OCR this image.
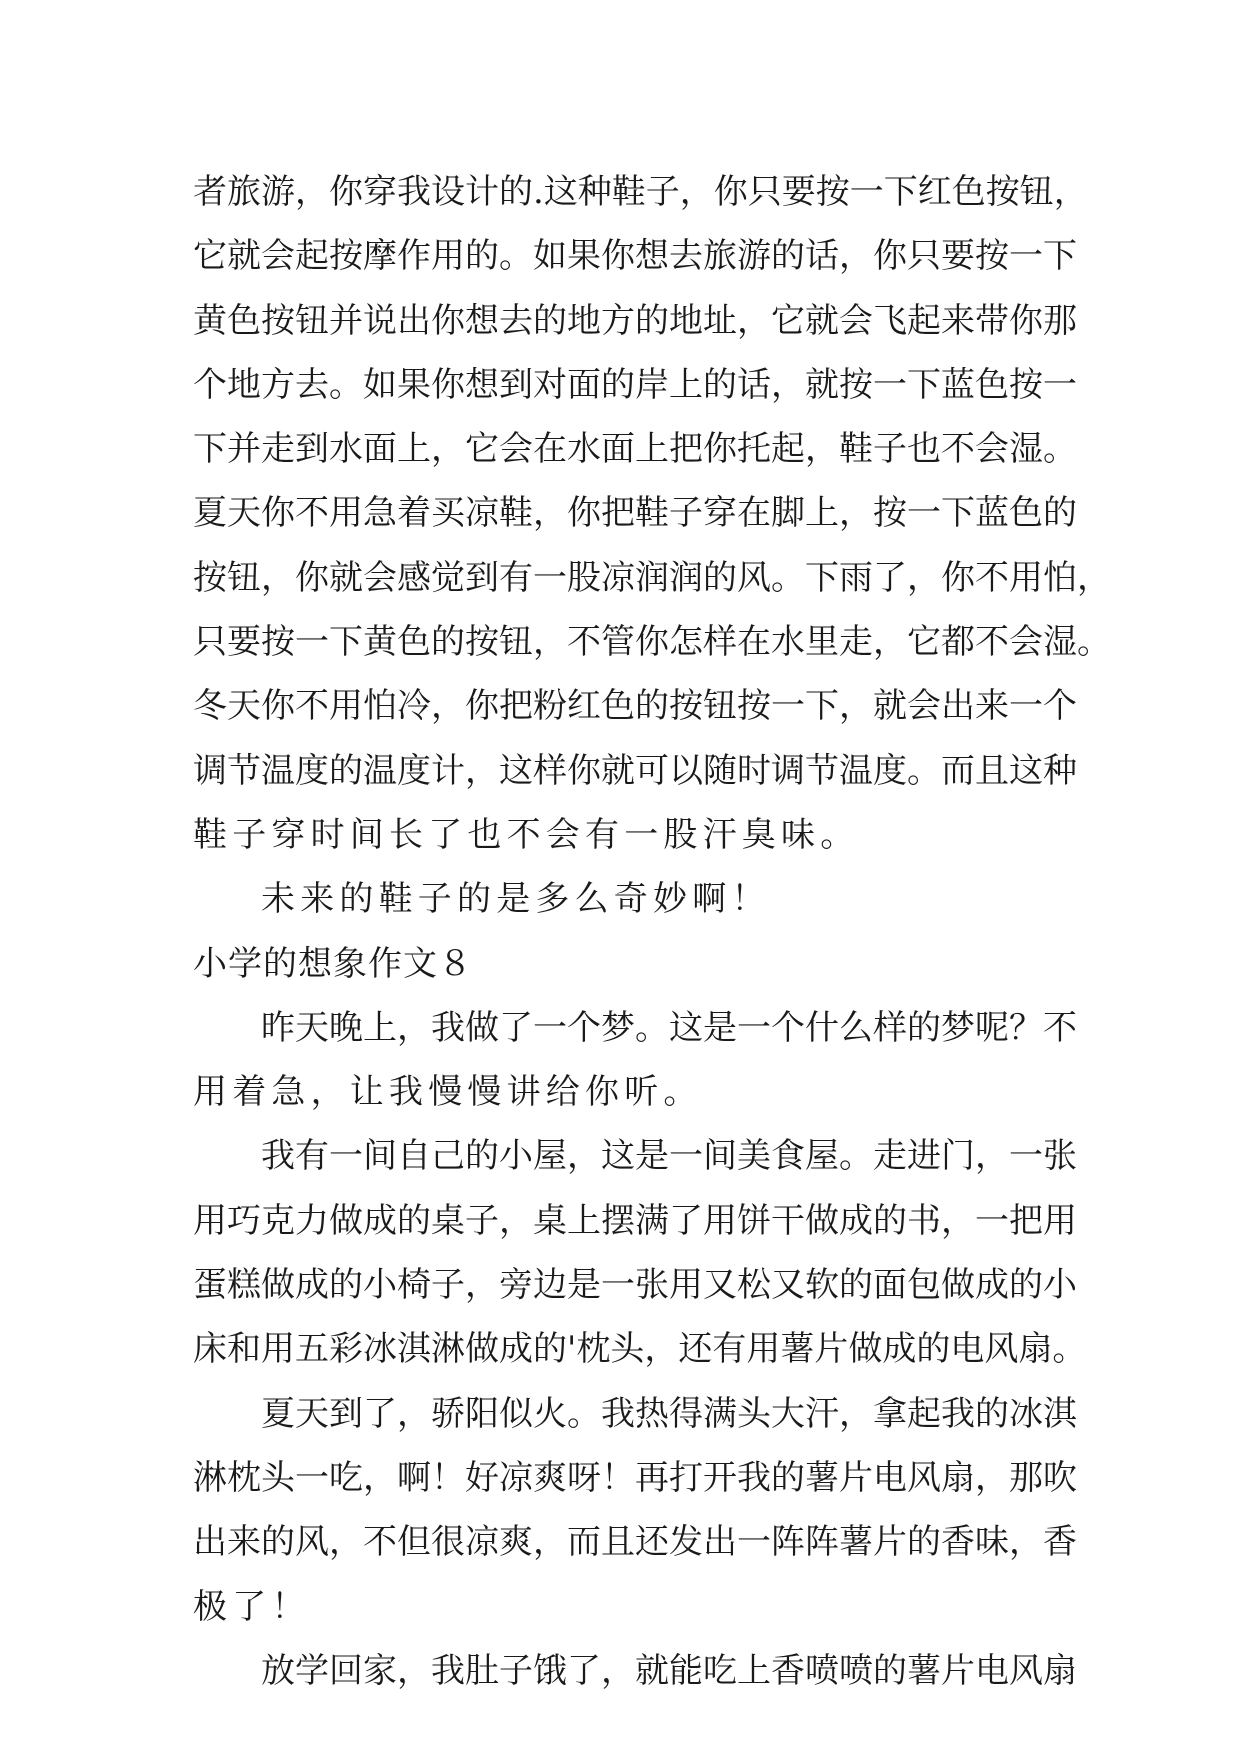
者旅游，你穿我设计的.这种鞋子，你只要按一下红色按钮，
它就会起按摩作用的。如果你想去旅游的话，你只要按一下
黄色按钮并说出你想去的地方的地址，它就会飞起来带你那
个地方去。如果你想到对面的岸上的话，就按一下蓝色按一
下并走到水面上，它会在水面上把你托起，鞋子也不会湿。
夏天你不用急着买凉鞋，你把鞋子穿在脚上，按一下蓝色的
按钮，你就会感觉到有一股凉润润的风。下雨了，你不用怕，
只要按一下黄色的按钮，不管你怎样在水里走，它都不会湿。
冬天你不用怕冷，你把粉红色的按钮按一下，就会出来一个
调节温度的温度计，这样你就可以随时调节温度。而且这种
鞋子穿时间长了也不会有一股汗臭味。
未来的鞋子的是多么奇妙啊！
小学的想象作文８
昨天晚上，我做了一个梦。这是一个什么样的梦呢？不
用着急，让我慢慢讲给你听。
我有一间自己的小屋，这是一间美食屋。走进门，一张
用巧克力做成的桌子，桌上摆满了用饼干做成的书，一把用
蛋糕做成的小椅子，旁边是一张用又松又软的面包做成的小
床和用五彩冰淇淋做成的'枕头，还有用薯片做成的电风扇。
夏天到了，骄阳似火。我热得满头大汗，拿起我的冰淇
淋枕头一吃，啊！好凉爽呀！再打开我的薯片电风扇，那吹
出来的风，不但很凉爽，而且还发出一阵阵薯片的香味，香
极了！
放学回家，我肚子饿了，就能吃上香喷喷的薯片电风扇
